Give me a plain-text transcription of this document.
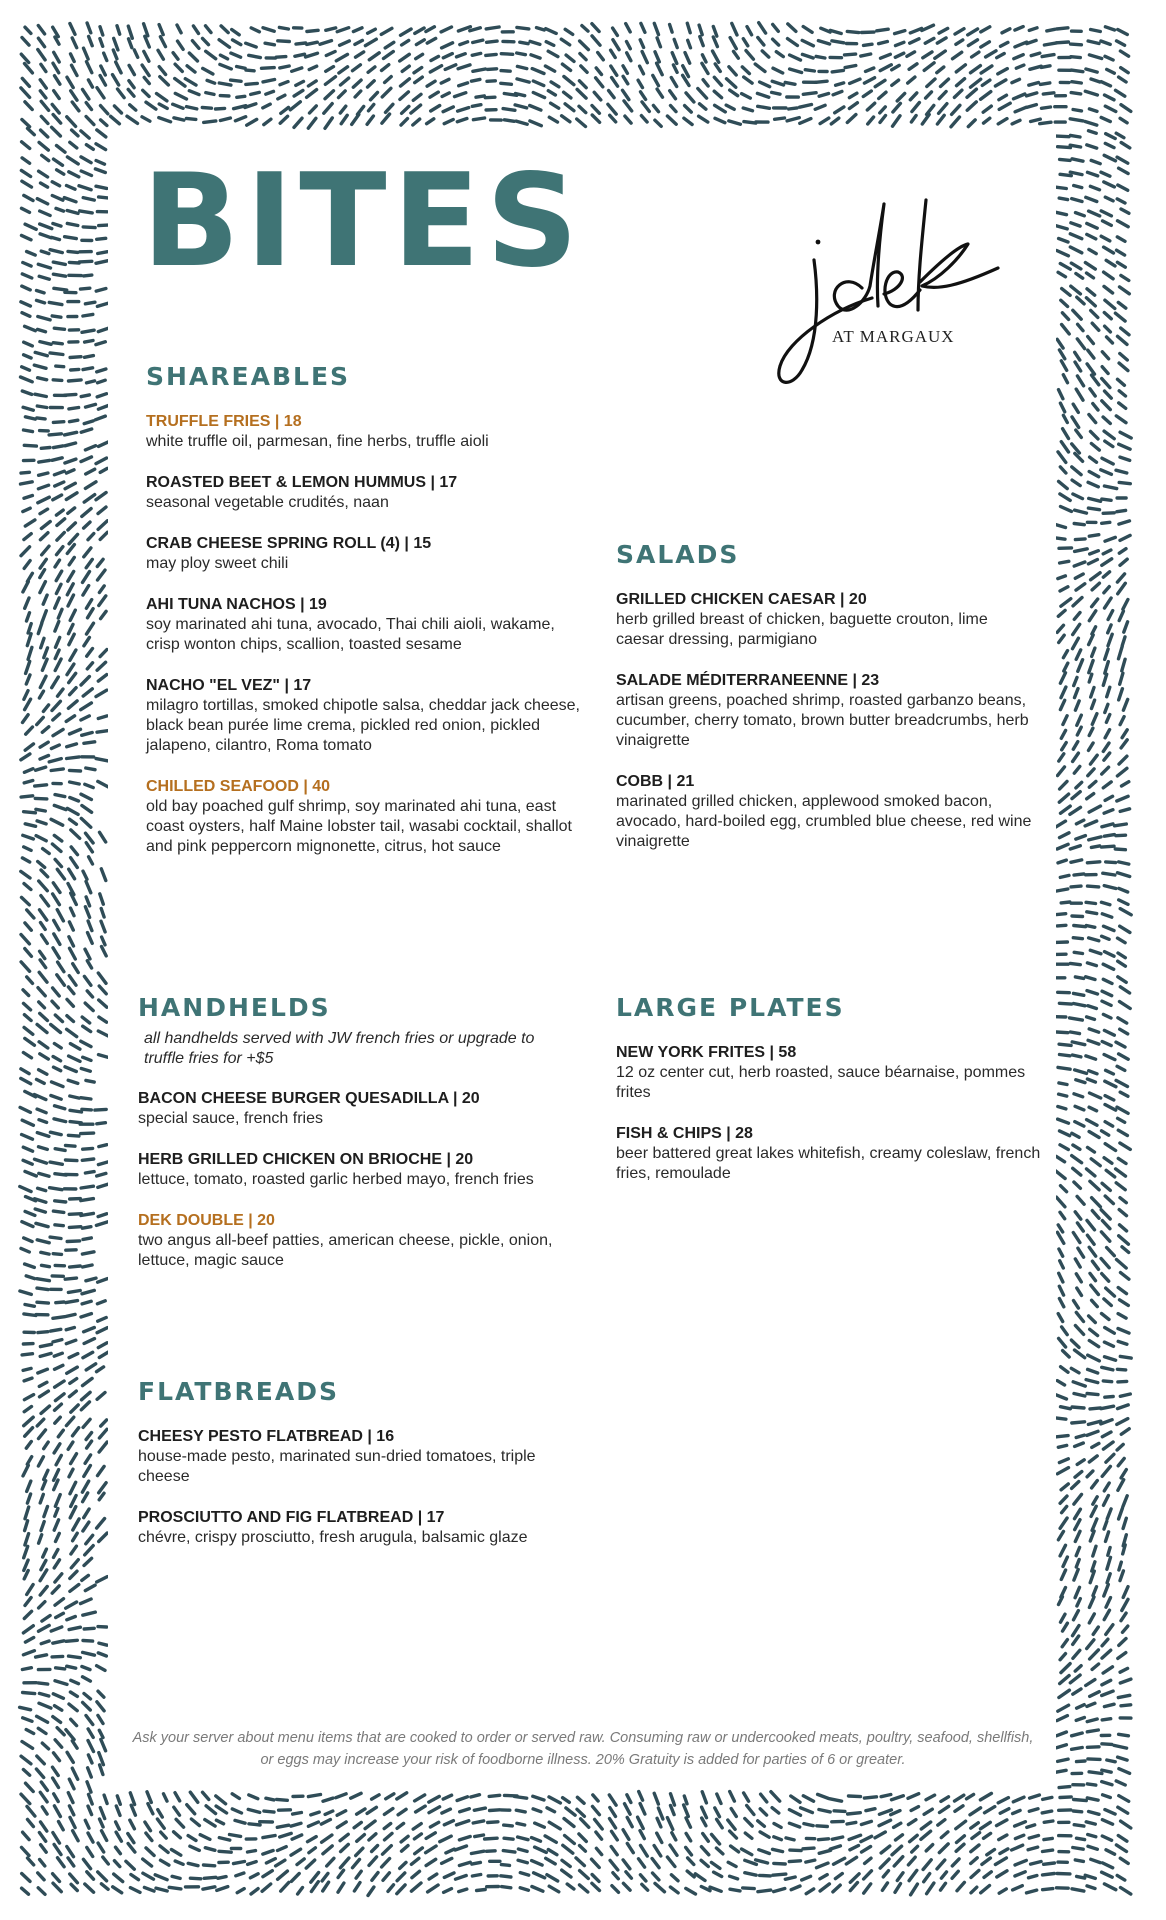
BITES
AT MARGAUX
SHAREABLES
TRUFFLE FRIES | 18
white truffle oil, parmesan, fine herbs, truffle aioli
ROASTED BEET & LEMON HUMMUS | 17
seasonal vegetable crudités, naan
CRAB CHEESE SPRING ROLL (4) | 15
may ploy sweet chili
AHI TUNA NACHOS | 19
soy marinated ahi tuna, avocado, Thai chili aioli, wakame, crisp wonton chips, scallion, toasted sesame
NACHO "EL VEZ" | 17
milagro tortillas, smoked chipotle salsa, cheddar jack cheese, black bean purée lime crema, pickled red onion, pickled jalapeno, cilantro, Roma tomato
CHILLED SEAFOOD | 40
old bay poached gulf shrimp, soy marinated ahi tuna, east coast oysters, half Maine lobster tail, wasabi cocktail, shallot and pink peppercorn mignonette, citrus, hot sauce
SALADS
GRILLED CHICKEN CAESAR | 20
herb grilled breast of chicken, baguette crouton, lime caesar dressing, parmigiano
SALADE MÉDITERRANEENNE | 23
artisan greens, poached shrimp, roasted garbanzo beans, cucumber, cherry tomato, brown butter breadcrumbs, herb vinaigrette
COBB | 21
marinated grilled chicken, applewood smoked bacon, avocado, hard-boiled egg, crumbled blue cheese, red wine vinaigrette
HANDHELDS
all handhelds served with JW french fries or upgrade to truffle fries for +$5
BACON CHEESE BURGER QUESADILLA | 20
special sauce, french fries
HERB GRILLED CHICKEN ON BRIOCHE | 20
lettuce, tomato, roasted garlic herbed mayo, french fries
DEK DOUBLE | 20
two angus all-beef patties, american cheese, pickle, onion, lettuce, magic sauce
LARGE PLATES
NEW YORK FRITES | 58
12 oz center cut, herb roasted, sauce béarnaise, pommes frites
FISH & CHIPS | 28
beer battered great lakes whitefish, creamy coleslaw, french fries, remoulade
FLATBREADS
CHEESY PESTO FLATBREAD | 16
house-made pesto, marinated sun-dried tomatoes, triple cheese
PROSCIUTTO AND FIG FLATBREAD | 17
chévre, crispy prosciutto, fresh arugula, balsamic glaze
Ask your server about menu items that are cooked to order or served raw. Consuming raw or undercooked meats, poultry, seafood, shellfish, or eggs may increase your risk of foodborne illness. 20% Gratuity is added for parties of 6 or greater.
